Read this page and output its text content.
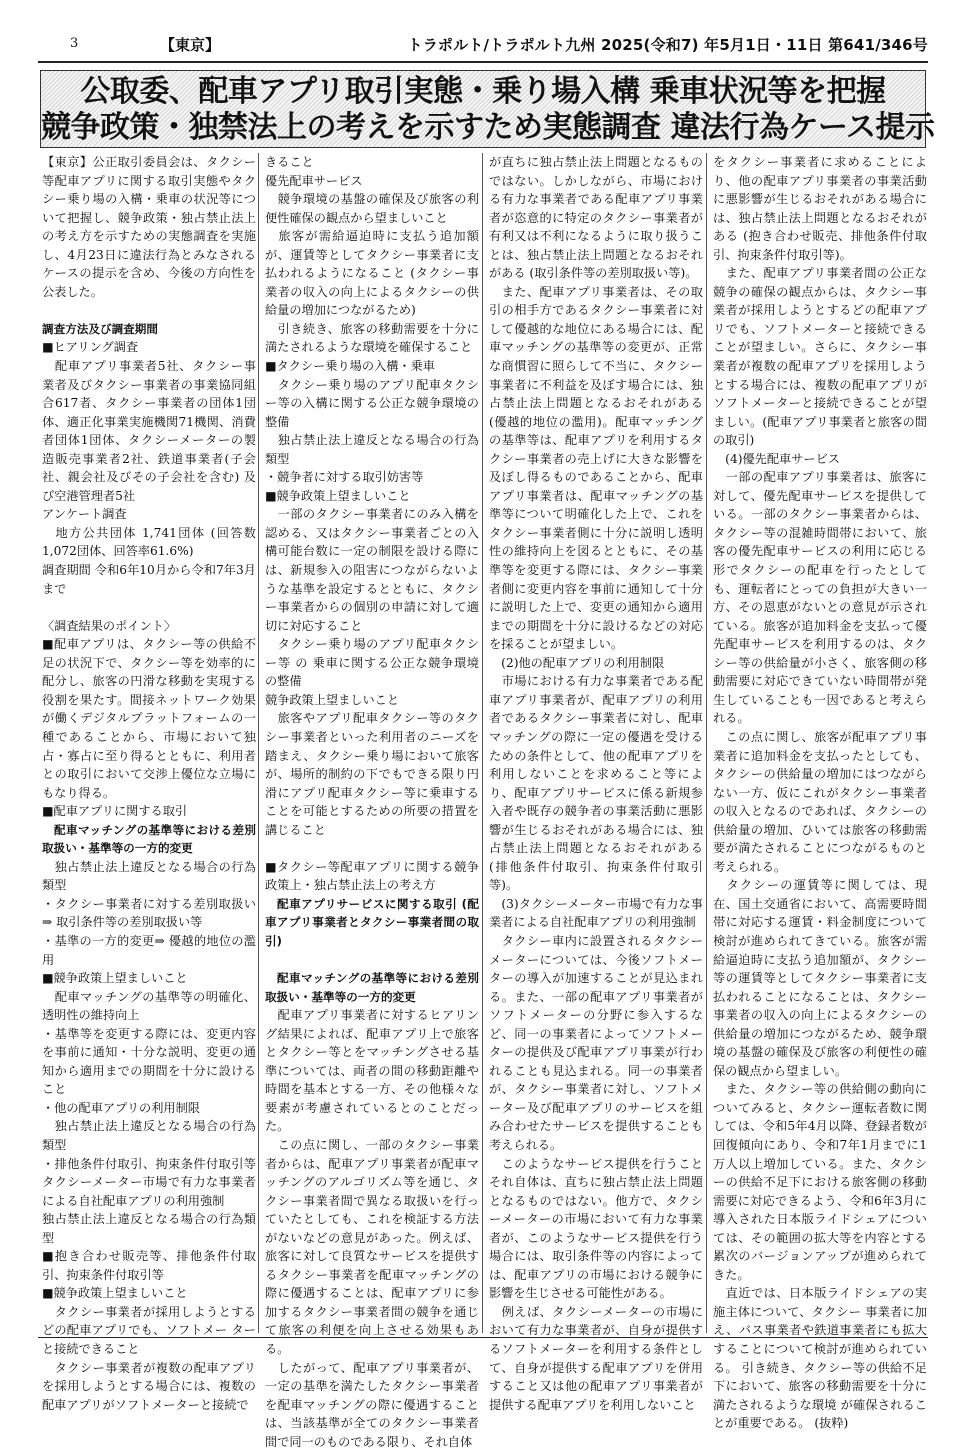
3	【東京】	トラポルト/トラポルト九州 2025(令和7) 年5月1日・11日 第641/346号
公取委、配車アプリ取引実態・乗り場入構 乗車状況等を把握
競争政策・独禁法上の考えを示すため実態調査 違法行為ケース提示

【東京】公正取引委員会は、タクシー等配車アプリに関する取引実態やタクシー乗り場の入構・乗車の状況等について把握し、競争政策・独占禁止法上の考え方を示すための実態調査を実施し、4月23日に違法行為とみなされるケースの提示を含め、今後の方向性を公表した。

調査方法及び調査期間

■ヒアリング調査

　配車アプリ事業者5社、タクシー事業者及びタクシー事業者の事業協同組合617者、タクシー事業者の団体1団体、適正化事業実施機関71機関、消費者団体1団体、タクシーメーターの製造販売事業者2社、鉄道事業者(子会社、親会社及びその子会社を含む) 及び空港管理者5社

アンケート調査

　地方公共団体 1,741団体 (回答数1,072団体、回答率61.6%)

調査期間 令和6年10月から令和7年3月まで

〈調査結果のポイント〉

■配車アプリは、タクシー等の供給不足の状況下で、タクシー等を効率的に配分し、旅客の円滑な移動を実現する役割を果たす。間接ネットワーク効果が働くデジタルプラットフォームの一種であることから、市場において独占・寡占に至り得るとともに、利用者との取引において交渉上優位な立場にもなり得る。

■配車アプリに関する取引

　配車マッチングの基準等における差別取扱い・基準等の一方的変更

　独占禁止法上違反となる場合の行為類型

・タクシー事業者に対する差別取扱い ⇒ 取引条件等の差別取扱い等

・基準の一方的変更⇒ 優越的地位の濫用

■競争政策上望ましいこと

　配車マッチングの基準等の明確化、透明性の維持向上

・基準等を変更する際には、変更内容を事前に通知・十分な説明、変更の通知から適用までの期間を十分に設けること

・他の配車アプリの利用制限

　独占禁止法上違反となる場合の行為類型

・排他条件付取引、拘束条件付取引等 タクシーメーター市場で有力な事業者による自社配車アプリの利用強制

独占禁止法上違反となる場合の行為類型

■抱き合わせ販売等、排他条件付取引、拘束条件付取引等

■競争政策上望ましいこと

　タクシー事業者が採用しようとするどの配車アプリでも、ソフトメー ターと接続できること

　タクシー事業者が複数の配車アプリを採用しようとする場合には、複数の配車アプリがソフトメーターと接続で

きること

優先配車サービス

　競争環境の基盤の確保及び旅客の利便性確保の観点から望ましいこと

　旅客が需給逼迫時に支払う追加額が、運賃等としてタクシー事業者に支払われるようになること (タクシー事業者の収入の向上によるタクシーの供給量の増加につながるため)

　引き続き、旅客の移動需要を十分に満たされるような環境を確保すること

■タクシー乗り場の入構・乗車

　タクシー乗り場のアプリ配車タクシー等の入構に関する公正な競争環境の整備

　独占禁止法上違反となる場合の行為類型

・競争者に対する取引妨害等

■競争政策上望ましいこと

　一部のタクシー事業者にのみ入構を認める、又はタクシー事業者ごとの入構可能台数に一定の制限を設ける際には、新規参入の阻害につながらないような基準を設定するとともに、タクシー事業者からの個別の申請に対して適切に対応すること

　タクシー乗り場のアプリ配車タクシー等 の 乗車に関する公正な競争環境の整備

競争政策上望ましいこと

　旅客やアプリ配車タクシー等のタクシー事業者といった利用者のニーズを踏まえ、タクシー乗り場において旅客が、場所的制約の下でもできる限り円滑にアプリ配車タクシー等に乗車することを可能とするための所要の措置を講じること

■タクシー等配車アプリに関する競争政策上・独占禁止法上の考え方

　配車アプリサービスに関する取引 (配車アプリ事業者とタクシー事業者間の取引)

　配車マッチングの基準等における差別取扱い・基準等の一方的変更

　配車アプリ事業者に対するヒアリング結果によれば、配車アプリ上で旅客とタクシー等とをマッチングさせる基準については、両者の間の移動距離や時間を基本とする一方、その他様々な要素が考慮されているとのことだった。

　この点に関し、一部のタクシー事業者からは、配車アプリ事業者が配車マッチングのアルゴリズム等を通じ、タクシー事業者間で異なる取扱いを行っていたとしても、これを検証する方法がないなどの意見があった。例えば、旅客に対して良質なサービスを提供するタクシー事業者を配車マッチングの際に優遇することは、配車アプリに参加するタクシー事業者間の競争を通じて旅客の利便を向上させる効果もある。

　したがって、配車アプリ事業者が、一定の基準を満たしたタクシー事業者を配車マッチングの際に優遇することは、当該基準が全てのタクシー事業者間で同一のものである限り、それ自体

が直ちに独占禁止法上問題となるものではない。しかしながら、市場における有力な事業者である配車アプリ事業者が恣意的に特定のタクシー事業者が有利又は不利になるように取り扱うことは、独占禁止法上問題となるおそれがある (取引条件等の差別取扱い等)。

　また、配車アプリ事業者は、その取引の相手方であるタクシー事業者に対して優越的な地位にある場合には、配車マッチングの基準等の変更が、正常な商慣習に照らして不当に、タクシー事業者に不利益を及ぼす場合には、独占禁止法上問題となるおそれがある (優越的地位の濫用)。配車マッチングの基準等は、配車アプリを利用するタクシー事業者の売上げに大きな影響を及ぼし得るものであることから、配車アプリ事業者は、配車マッチングの基準等について明確化した上で、これをタクシー事業者側に十分に説明し透明性の維持向上を図るとともに、その基準等を変更する際には、タクシー事業者側に変更内容を事前に通知して十分に説明した上で、変更の通知から適用までの期間を十分に設けるなどの対応を採ることが望ましい。

　(2)他の配車アプリの利用制限

　市場における有力な事業者である配車アプリ事業者が、配車アプリの利用者であるタクシー事業者に対し、配車マッチングの際に一定の優遇を受けるための条件として、他の配車アプリを利用しないことを求めること等により、配車アプリサービスに係る新規参入者や既存の競争者の事業活動に悪影響が生じるおそれがある場合には、独占禁止法上問題となるおそれがある (排他条件付取引、拘束条件付取引等)。

　(3)タクシーメーター市場で有力な事業者による自社配車アプリの利用強制

　タクシー車内に設置されるタクシーメーターについては、今後ソフトメーターの導入が加速することが見込まれる。また、一部の配車アプリ事業者がソフトメーターの分野に参入するなど、同一の事業者によってソフトメーターの提供及び配車アプリ事業が行われることも見込まれる。同一の事業者が、タクシー事業者に対し、ソフトメーター及び配車アプリのサービスを組み合わせたサービスを提供することも考えられる。

　このようなサービス提供を行うことそれ自体は、直ちに独占禁止法上問題となるものではない。他方で、タクシーメーターの市場において有力な事業者が、このようなサービス提供を行う場合には、取引条件等の内容によっては、配車アプリの市場における競争に影響を生じさせる可能性がある。

　例えば、タクシーメーターの市場において有力な事業者が、自身が提供するソフトメーターを利用する条件として、自身が提供する配車アプリを併用すること又は他の配車アプリ事業者が提供する配車アプリを利用しないこと

をタクシー事業者に求めることにより、他の配車アプリ事業者の事業活動に悪影響が生じるおそれがある場合には、独占禁止法上問題となるおそれがある (抱き合わせ販売、排他条件付取引、拘束条件付取引等)。

　また、配車アプリ事業者間の公正な競争の確保の観点からは、タクシー事業者が採用しようとするどの配車アプリでも、ソフトメーターと接続できることが望ましい。さらに、タクシー事業者が複数の配車アプリを採用しようとする場合には、複数の配車アプリがソフトメーターと接続できることが望ましい。(配車アプリ事業者と旅客の間の取引)

　(4)優先配車サービス

　一部の配車アプリ事業者は、旅客に対して、優先配車サービスを提供している。一部のタクシー事業者からは、タクシー等の混雑時間帯において、旅客の優先配車サービスの利用に応じる形でタクシーの配車を行ったとしても、運転者にとっての負担が大きい一方、その恩恵がないとの意見が示されている。旅客が追加料金を支払って優先配車サービスを利用するのは、タクシー等の供給量が小さく、旅客側の移動需要に対応できていない時間帯が発生していることも一因であると考えられる。

　この点に関し、旅客が配車アプリ事業者に追加料金を支払ったとしても、タクシーの供給量の増加にはつながらない一方、仮にこれがタクシー事業者の収入となるのであれば、タクシーの供給量の増加、ひいては旅客の移動需要が満たされることにつながるものと考えられる。

　タクシーの運賃等に関しては、現在、国土交通省において、高需要時間帯に対応する運賃・料金制度について検討が進められてきている。旅客が需給逼迫時に支払う追加額が、タクシー等の運賃等としてタクシー事業者に支払われることになることは、タクシー事業者の収入の向上によるタクシーの供給量の増加につながるため、競争環境の基盤の確保及び旅客の利便性の確保の観点から望ましい。

　また、タクシー等の供給側の動向についてみると、タクシー運転者数に関しては、令和5年4月以降、登録者数が回復傾向にあり、令和7年1月までに1万人以上増加している。また、タクシーの供給不足下における旅客側の移動需要に対応できるよう、令和6年3月に導入された日本版ライドシェアについては、その範囲の拡大等を内容とする累次のバージョンアップが進められてきた。

　直近では、日本版ライドシェアの実施主体について、タクシー 事業者に加え、バス事業者や鉄道事業者にも拡大することについて検討が進められている。 引き続き、タクシー等の供給不足下において、旅客の移動需要を十分に満たされるような環境 が確保されることが重要である。 (抜粋)
